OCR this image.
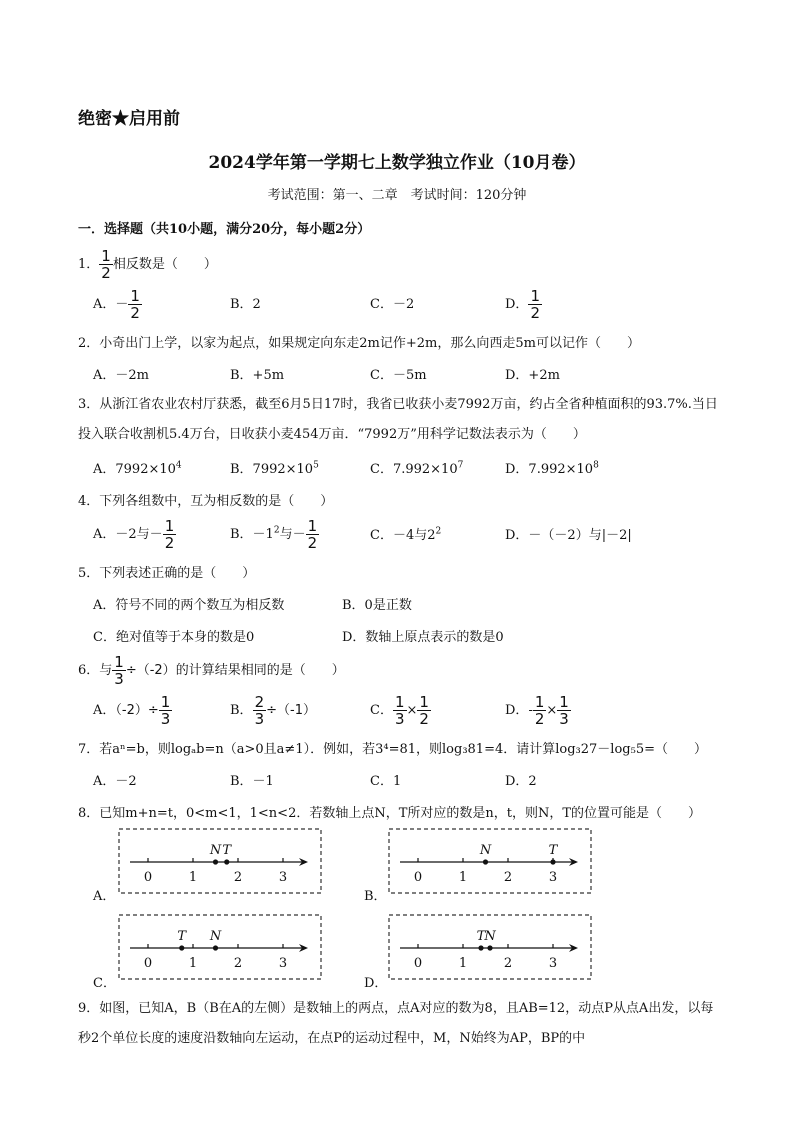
绝密★启用前
2024学年第一学期七上数学独立作业（10月卷）
考试范围：第一、二章　考试时间：120分钟
一．选择题（共10小题，满分20分，每小题2分）
1． $\frac{1}{2}$ 相反数是（　　）
A．－ $\frac{1}{2}$	B．2	C．－2	D． $\frac{1}{2}$
2．小奇出门上学，以家为起点，如果规定向东走2m记作+2m，那么向西走5m可以记作（　　）
A．－2m	B．+5m	C．－5m	D．+2m
3．从浙江省农业农村厅获悉，截至6月5日17时，我省已收获小麦7992万亩，约占全省种植面积的93.7%.当日投入联合收割机5.4万台，日收获小麦454万亩．“7992万”用科学记数法表示为（　　）
A．$7992\times 10^4$	B．$7992\times 10^5$	C．$7.992\times 10^7$	D．$7.992\times 10^8$
4．下列各组数中，互为相反数的是（　　）
A．－2与－ $\frac{1}{2}$	B．$-1^2$与－ $\frac{1}{2}$	C．－4与$2^2$	D．－（－2）与|－2|
5．下列表述正确的是（　　）
A．符号不同的两个数互为相反数	B．0是正数
C．绝对值等于本身的数是0	D．数轴上原点表示的数是0
6．与 $\frac{1}{3} \div(-2)$的计算结果相同的是（　　）
A．$(-2)\div \frac{1}{3}$	B． $\frac{2}{3} \div(-1)$	C． $\frac{1}{3} \times \frac{1}{2}$	D．- $\frac{1}{2} \times \frac{1}{3}$
7．若aⁿ=b，则logₐb=n（a>0且a≠1）．例如，若3⁴=81，则log₃81=4．请计算log₃27－log₅5=（　　）
A．－2	B．－1	C．1	D．2
8．已知m+n=t，0<m<1，1<n<2．若数轴上点N，T所对应的数是n，t，则N，T的位置可能是（　　）
A．
0	1	2	3
N T
B．
0	1	2	3
N	T
C．
0	1	2	3
T N
D．
0	1	2	3
T
N
9．如图，已知A，B（B在A的左侧）是数轴上的两点，点A对应的数为8，且AB=12，动点P从点A出发，以每秒2个单位长度的速度沿数轴向左运动，在点P的运动过程中，M，N始终为AP，BP的中
